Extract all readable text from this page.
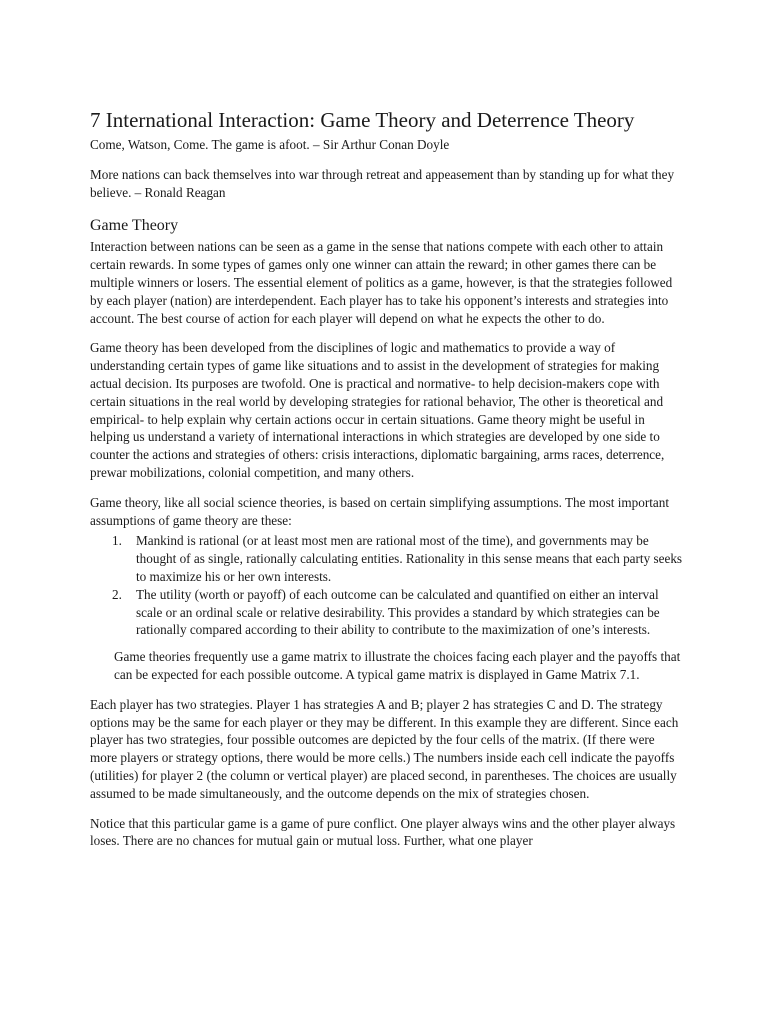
7 International Interaction: Game Theory and Deterrence Theory

Come, Watson, Come. The game is afoot. – Sir Arthur Conan Doyle

More nations can back themselves into war through retreat and appeasement than by standing up for what they believe. – Ronald Reagan

Game Theory

Interaction between nations can be seen as a game in the sense that nations compete with each other to attain certain rewards. In some types of games only one winner can attain the reward; in other games there can be multiple winners or losers. The essential element of politics as a game, however, is that the strategies followed by each player (nation) are interdependent. Each player has to take his opponent’s interests and strategies into account. The best course of action for each player will depend on what he expects the other to do.

Game theory has been developed from the disciplines of logic and mathematics to provide a way of understanding certain types of game like situations and to assist in the development of strategies for making actual decision. Its purposes are twofold. One is practical and normative- to help decision-makers cope with certain situations in the real world by developing strategies for rational behavior, The other is theoretical and empirical- to help explain why certain actions occur in certain situations. Game theory might be useful in helping us understand a variety of international interactions in which strategies are developed by one side to counter the actions and strategies of others: crisis interactions, diplomatic bargaining, arms races, deterrence, prewar mobilizations, colonial competition, and many others.

Game theory, like all social science theories, is based on certain simplifying assumptions. The most important assumptions of game theory are these:

1. Mankind is rational (or at least most men are rational most of the time), and governments may be thought of as single, rationally calculating entities. Rationality in this sense means that each party seeks to maximize his or her own interests.
2. The utility (worth or payoff) of each outcome can be calculated and quantified on either an interval scale or an ordinal scale or relative desirability. This provides a standard by which strategies can be rationally compared according to their ability to contribute to the maximization of one’s interests.

Game theories frequently use a game matrix to illustrate the choices facing each player and the payoffs that can be expected for each possible outcome. A typical game matrix is displayed in Game Matrix 7.1.

Each player has two strategies. Player 1 has strategies A and B; player 2 has strategies C and D. The strategy options may be the same for each player or they may be different. In this example they are different. Since each player has two strategies, four possible outcomes are depicted by the four cells of the matrix. (If there were more players or strategy options, there would be more cells.) The numbers inside each cell indicate the payoffs (utilities) for player 2 (the column or vertical player) are placed second, in parentheses. The choices are usually assumed to be made simultaneously, and the outcome depends on the mix of strategies chosen.

Notice that this particular game is a game of pure conflict. One player always wins and the other player always loses. There are no chances for mutual gain or mutual loss. Further, what one player
